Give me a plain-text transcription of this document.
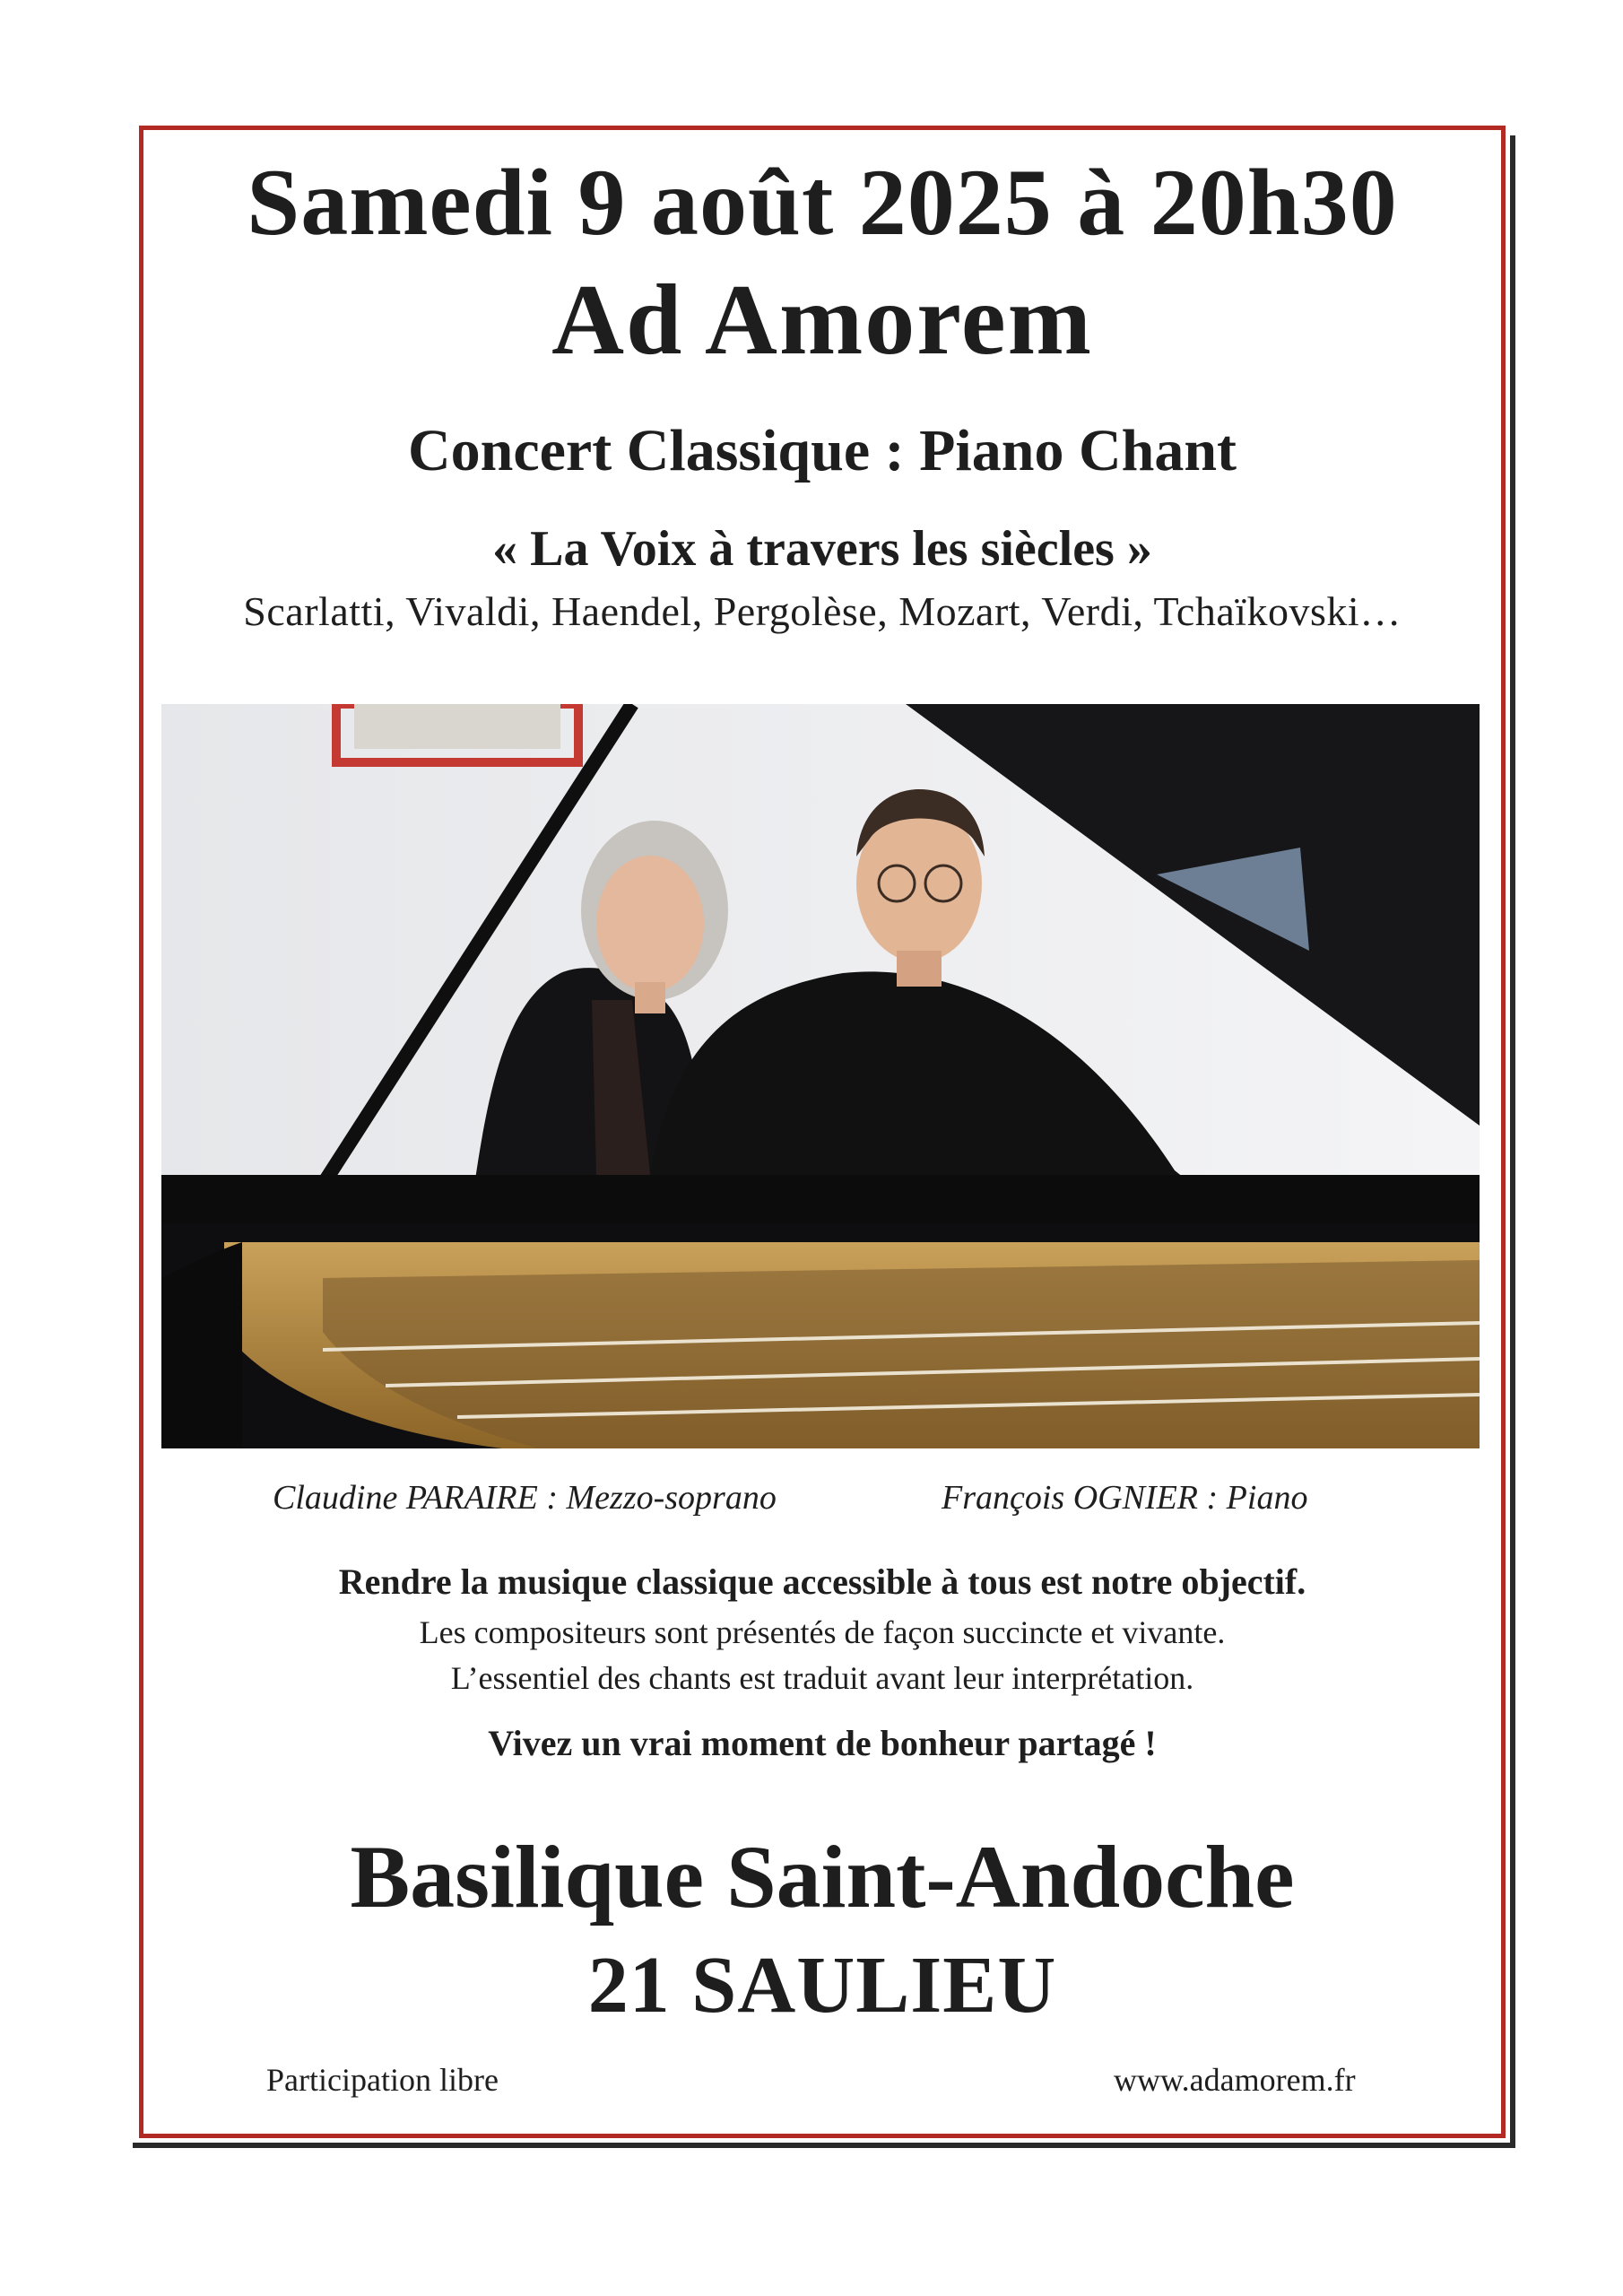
Samedi 9 août 2025 à 20h30
Ad Amorem
Concert Classique : Piano Chant
« La Voix à travers les siècles »
Scarlatti, Vivaldi, Haendel, Pergolèse, Mozart, Verdi, Tchaïkovski…
Claudine PARAIRE : Mezzo-soprano	François OGNIER : Piano
Rendre la musique classique accessible à tous est notre objectif.
Les compositeurs sont présentés de façon succincte et vivante.
L’essentiel des chants est traduit avant leur interprétation.
Vivez un vrai moment de bonheur partagé !
Basilique Saint-Andoche
21 SAULIEU
Participation libre	www.adamorem.fr
